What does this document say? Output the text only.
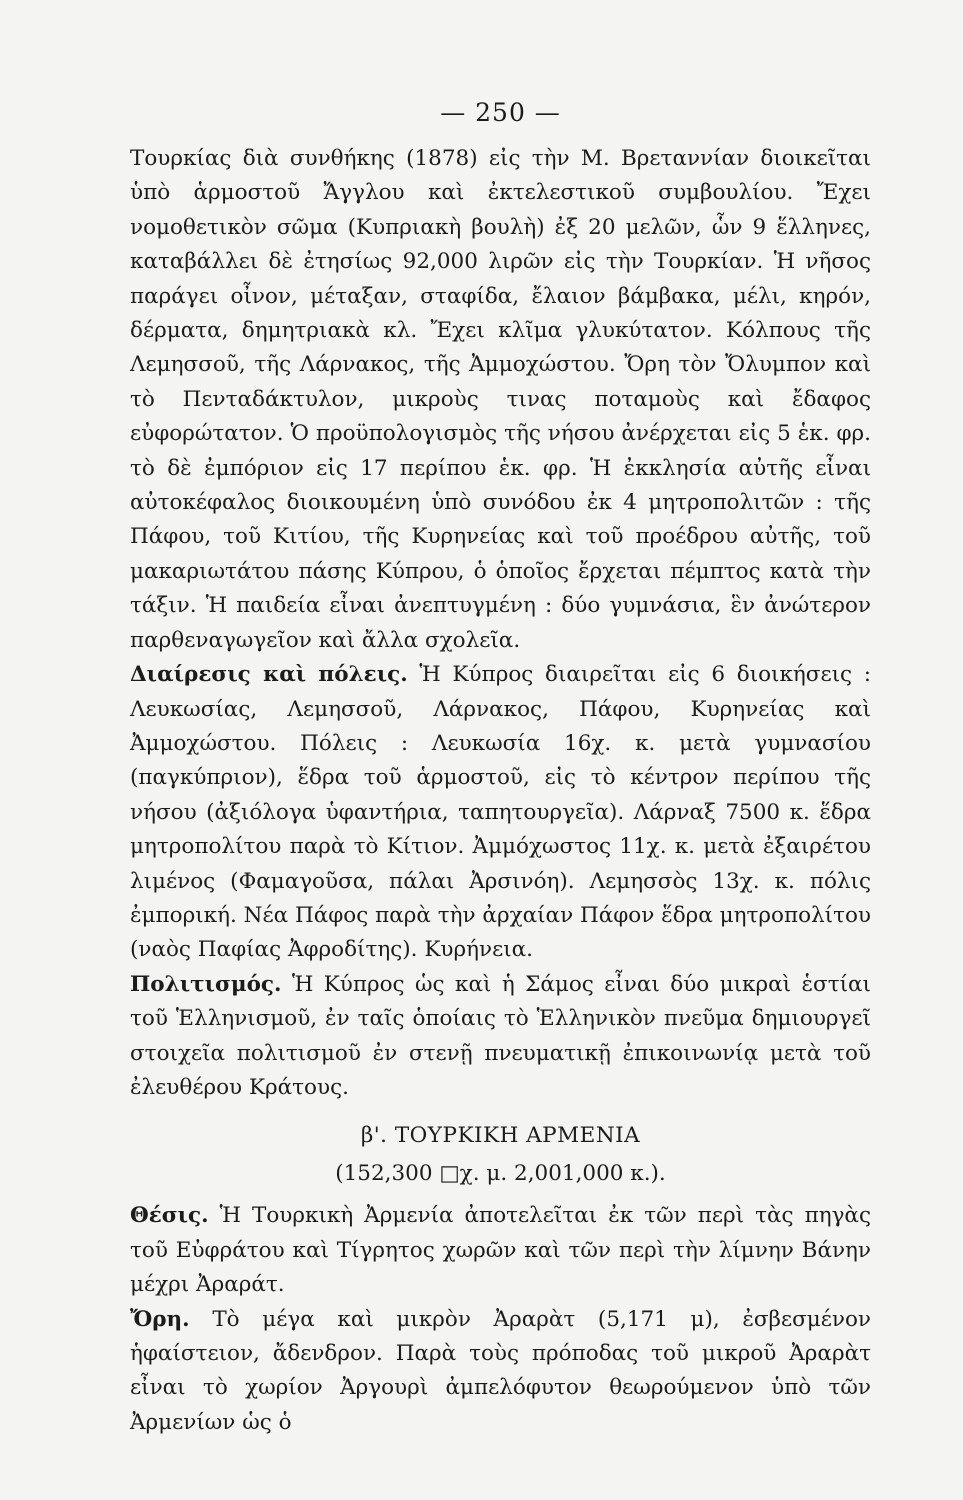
— 250 —

Τουρκίας διὰ συνθήκης (1878) εἰς τὴν Μ. Βρεταννίαν διοικεῖται ὑπὸ ἁρμοστοῦ Ἄγγλου καὶ ἐκτελεστικοῦ συμβουλίου. Ἔχει νομοθετικὸν σῶμα (Κυπριακὴ βουλὴ) ἐξ 20 μελῶν, ὧν 9 ἕλληνες, καταβάλλει δὲ ἐτησίως 92,000 λιρῶν εἰς τὴν Τουρκίαν. Ἡ νῆσος παράγει οἶνον, μέταξαν, σταφίδα, ἔλαιον βάμβακα, μέλι, κηρόν, δέρματα, δημητριακὰ κλ. Ἔχει κλῖμα γλυκύτατον. Κόλπους τῆς Λεμησσοῦ, τῆς Λάρνακος, τῆς Ἀμμοχώστου. Ὄρη τὸν Ὄλυμπον καὶ τὸ Πενταδάκτυλον, μικροὺς τινας ποταμοὺς καὶ ἔδαφος εὐφορώτατον. Ὁ προϋπολογισμὸς τῆς νήσου ἀνέρχεται εἰς 5 ἑκ. φρ. τὸ δὲ ἐμπόριον εἰς 17 περίπου ἑκ. φρ. Ἡ ἐκκλησία αὐτῆς εἶναι αὐτοκέφαλος διοικουμένη ὑπὸ συνόδου ἐκ 4 μητροπολιτῶν : τῆς Πάφου, τοῦ Κιτίου, τῆς Κυρηνείας καὶ τοῦ προέδρου αὐτῆς, τοῦ μακαριωτάτου πάσης Κύπρου, ὁ ὁποῖος ἔρχεται πέμπτος κατὰ τὴν τάξιν. Ἡ παιδεία εἶναι ἀνεπτυγμένη : δύο γυμνάσια, ἓν ἀνώτερον παρθεναγωγεῖον καὶ ἄλλα σχολεῖα.

Διαίρεσις καὶ πόλεις. Ἡ Κύπρος διαιρεῖται εἰς 6 διοικήσεις : Λευκωσίας, Λεμησσοῦ, Λάρνακος, Πάφου, Κυρηνείας καὶ Ἀμμοχώστου. Πόλεις : Λευκωσία 16χ. κ. μετὰ γυμνασίου (παγκύπριον), ἕδρα τοῦ ἁρμοστοῦ, εἰς τὸ κέντρον περίπου τῆς νήσου (ἀξιόλογα ὑφαντήρια, ταπητουργεῖα). Λάρναξ 7500 κ. ἕδρα μητροπολίτου παρὰ τὸ Κίτιον. Ἀμμόχωστος 11χ. κ. μετὰ ἐξαιρέτου λιμένος (Φαμαγοῦσα, πάλαι Ἀρσινόη). Λεμησσὸς 13χ. κ. πόλις ἐμπορική. Νέα Πάφος παρὰ τὴν ἀρχαίαν Πάφον ἕδρα μητροπολίτου (ναὸς Παφίας Ἀφροδίτης). Κυρήνεια.

Πολιτισμός. Ἡ Κύπρος ὡς καὶ ἡ Σάμος εἶναι δύο μικραὶ ἑστίαι τοῦ Ἑλληνισμοῦ, ἐν ταῖς ὁποίαις τὸ Ἑλληνικὸν πνεῦμα δημιουργεῖ στοιχεῖα πολιτισμοῦ ἐν στενῇ πνευματικῇ ἐπικοινωνίᾳ μετὰ τοῦ ἐλευθέρου Κράτους.

β'. ΤΟΥΡΚΙΚΗ ΑΡΜΕΝΙΑ
(152,300 □χ. μ. 2,001,000 κ.).

Θέσις. Ἡ Τουρκικὴ Ἀρμενία ἀποτελεῖται ἐκ τῶν περὶ τὰς πηγὰς τοῦ Εὐφράτου καὶ Τίγρητος χωρῶν καὶ τῶν περὶ τὴν λίμνην Βάνην μέχρι Ἀραράτ.

Ὄρη. Τὸ μέγα καὶ μικρὸν Ἀραρὰτ (5,171 μ), ἐσβεσμένον ἡφαίστειον, ἄδενδρον. Παρὰ τοὺς πρόποδας τοῦ μικροῦ Ἀραρὰτ εἶναι τὸ χωρίον Ἀργουρὶ ἀμπελόφυτον θεωρούμενον ὑπὸ τῶν Ἀρμενίων ὡς ὁ
